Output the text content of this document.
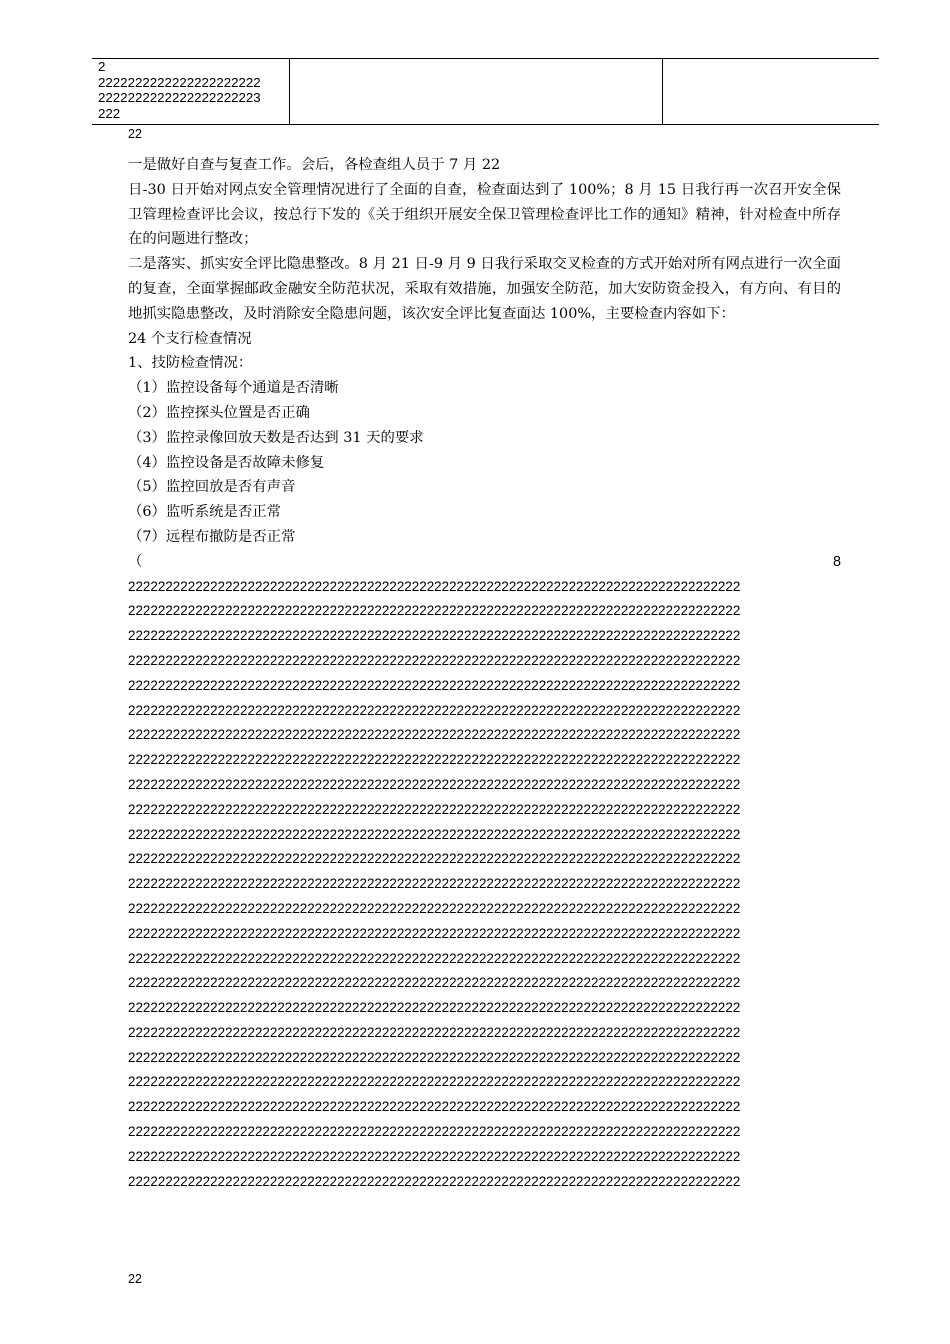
2
2222222222222222222222
2222222222222222222223
222
22

一是做好自查与复查工作。会后，各检查组人员于 7 月 22

日-30 日开始对网点安全管理情况进行了全面的自查，检查面达到了 100%；8 月 15 日我行再一次召开安全保卫管理检查评比会议，按总行下发的《关于组织开展安全保卫管理检查评比工作的通知》精神，针对检查中所存在的问题进行整改；

二是落实、抓实安全评比隐患整改。8 月 21 日-9 月 9 日我行采取交叉检查的方式开始对所有网点进行一次全面的复查，全面掌握邮政金融安全防范状况，采取有效措施，加强安全防范，加大安防资金投入，有方向、有目的地抓实隐患整改，及时消除安全隐患问题，该次安全评比复查面达 100%，主要检查内容如下：

24 个支行检查情况

1、技防检查情况：

（1）监控设备每个通道是否清晰

（2）监控探头位置是否正确

（3）监控录像回放天数是否达到 31 天的要求

（4）监控设备是否故障未修复

（5）监控回放是否有声音

（6）监听系统是否正常

（7）远程布撤防是否正常

（	8
2222222222222222222222222222222222222222222222222222222222222222222222222222222222
2222222222222222222222222222222222222222222222222222222222222222222222222222222222
2222222222222222222222222222222222222222222222222222222222222222222222222222222222
2222222222222222222222222222222222222222222222222222222222222222222222222222222222
2222222222222222222222222222222222222222222222222222222222222222222222222222222222
2222222222222222222222222222222222222222222222222222222222222222222222222222222222
2222222222222222222222222222222222222222222222222222222222222222222222222222222222
2222222222222222222222222222222222222222222222222222222222222222222222222222222222
2222222222222222222222222222222222222222222222222222222222222222222222222222222222
2222222222222222222222222222222222222222222222222222222222222222222222222222222222
2222222222222222222222222222222222222222222222222222222222222222222222222222222222
2222222222222222222222222222222222222222222222222222222222222222222222222222222222
2222222222222222222222222222222222222222222222222222222222222222222222222222222222
2222222222222222222222222222222222222222222222222222222222222222222222222222222222
2222222222222222222222222222222222222222222222222222222222222222222222222222222222
2222222222222222222222222222222222222222222222222222222222222222222222222222222222
2222222222222222222222222222222222222222222222222222222222222222222222222222222222
2222222222222222222222222222222222222222222222222222222222222222222222222222222222
2222222222222222222222222222222222222222222222222222222222222222222222222222222222
2222222222222222222222222222222222222222222222222222222222222222222222222222222222
2222222222222222222222222222222222222222222222222222222222222222222222222222222222
2222222222222222222222222222222222222222222222222222222222222222222222222222222222
2222222222222222222222222222222222222222222222222222222222222222222222222222222222
2222222222222222222222222222222222222222222222222222222222222222222222222222222222
2222222222222222222222222222222222222222222222222222222222222222222222222222222222
22
